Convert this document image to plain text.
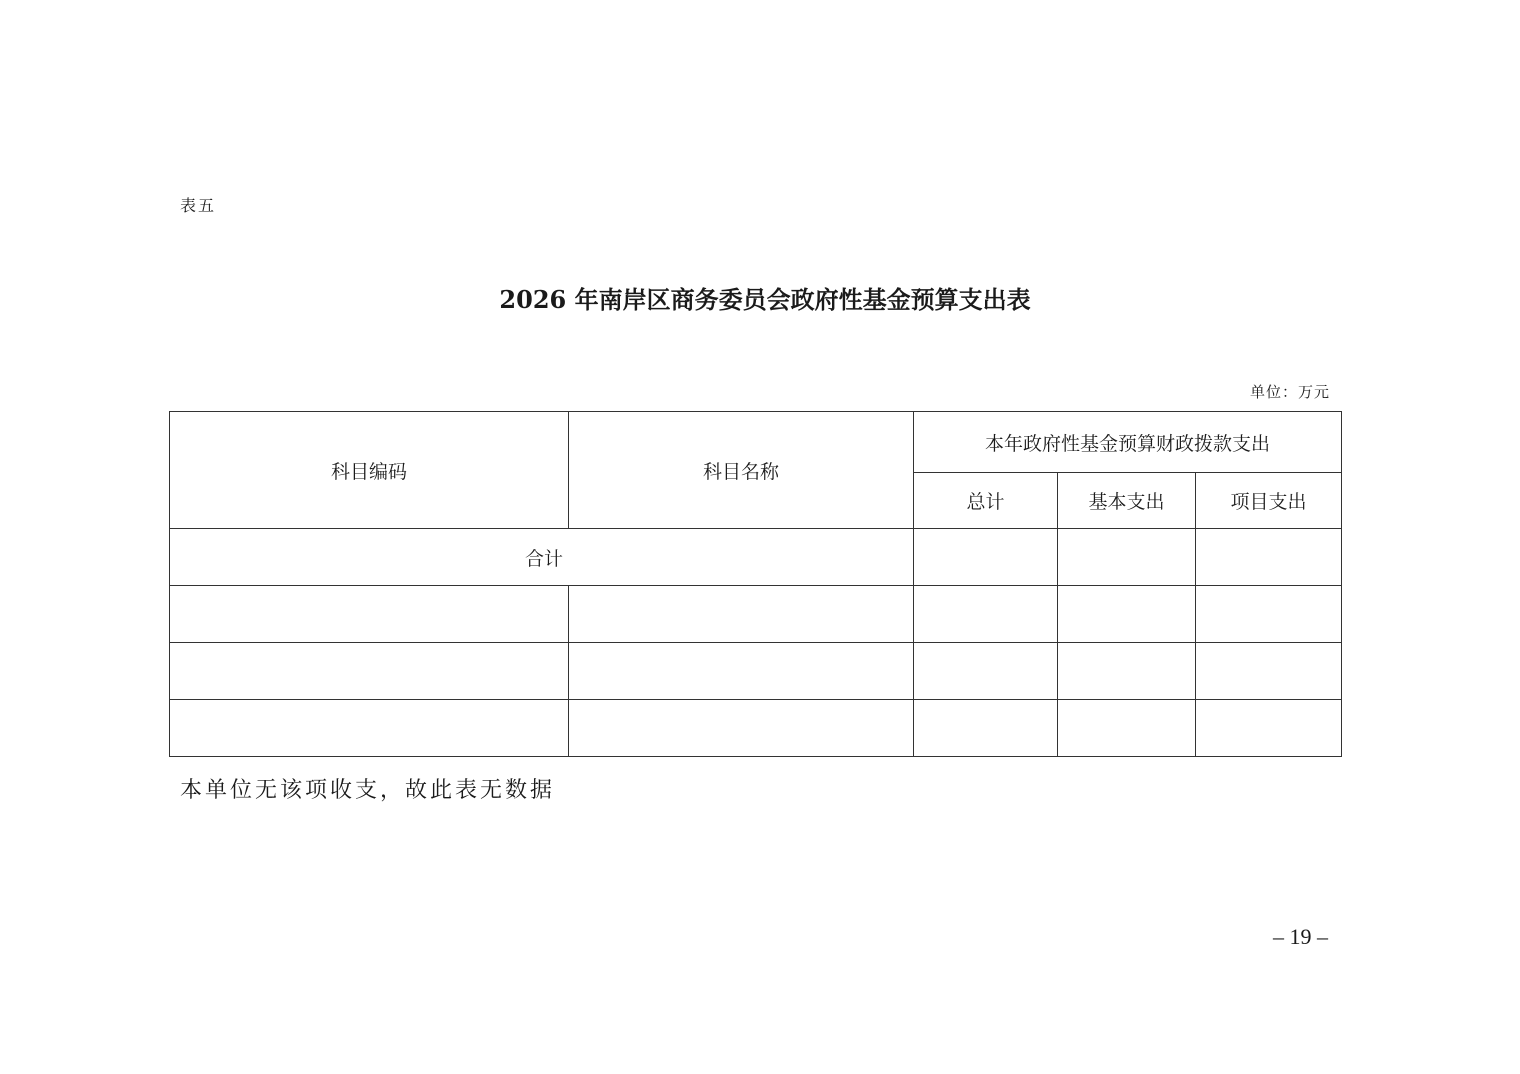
表五
2026 年南岸区商务委员会政府性基金预算支出表
单位：万元
科目编码	科目名称	本年政府性基金预算财政拨款支出		
		总计	基本支出	项目支出
合计				

本单位无该项收支，故此表无数据
– 19 –
